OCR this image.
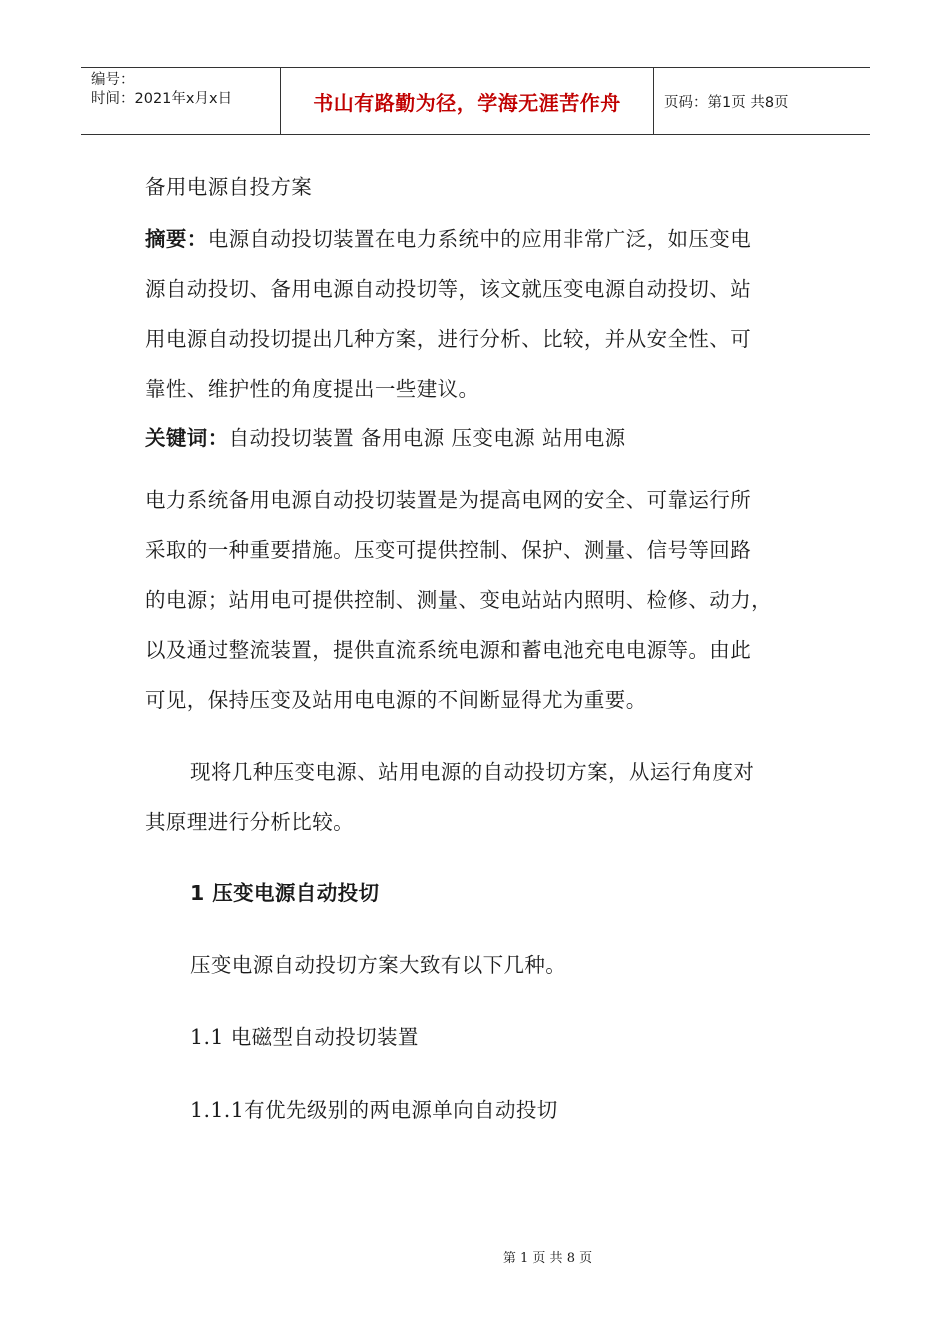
编号：
时间：2021年x月x日	书山有路勤为径，学海无涯苦作舟	页码：第1页 共8页
备用电源自投方案
摘要：电源自动投切装置在电力系统中的应用非常广泛，如压变电
源自动投切、备用电源自动投切等，该文就压变电源自动投切、站
用电源自动投切提出几种方案，进行分析、比较，并从安全性、可
靠性、维护性的角度提出一些建议。
关键词：自动投切装置 备用电源 压变电源 站用电源
电力系统备用电源自动投切装置是为提高电网的安全、可靠运行所
采取的一种重要措施。压变可提供控制、保护、测量、信号等回路
的电源；站用电可提供控制、测量、变电站站内照明、检修、动力，
以及通过整流装置，提供直流系统电源和蓄电池充电电源等。由此
可见，保持压变及站用电电源的不间断显得尤为重要。
现将几种压变电源、站用电源的自动投切方案，从运行角度对
其原理进行分析比较。
1 压变电源自动投切
压变电源自动投切方案大致有以下几种。
1.1 电磁型自动投切装置
1.1.1有优先级别的两电源单向自动投切
第 1 页 共 8 页
